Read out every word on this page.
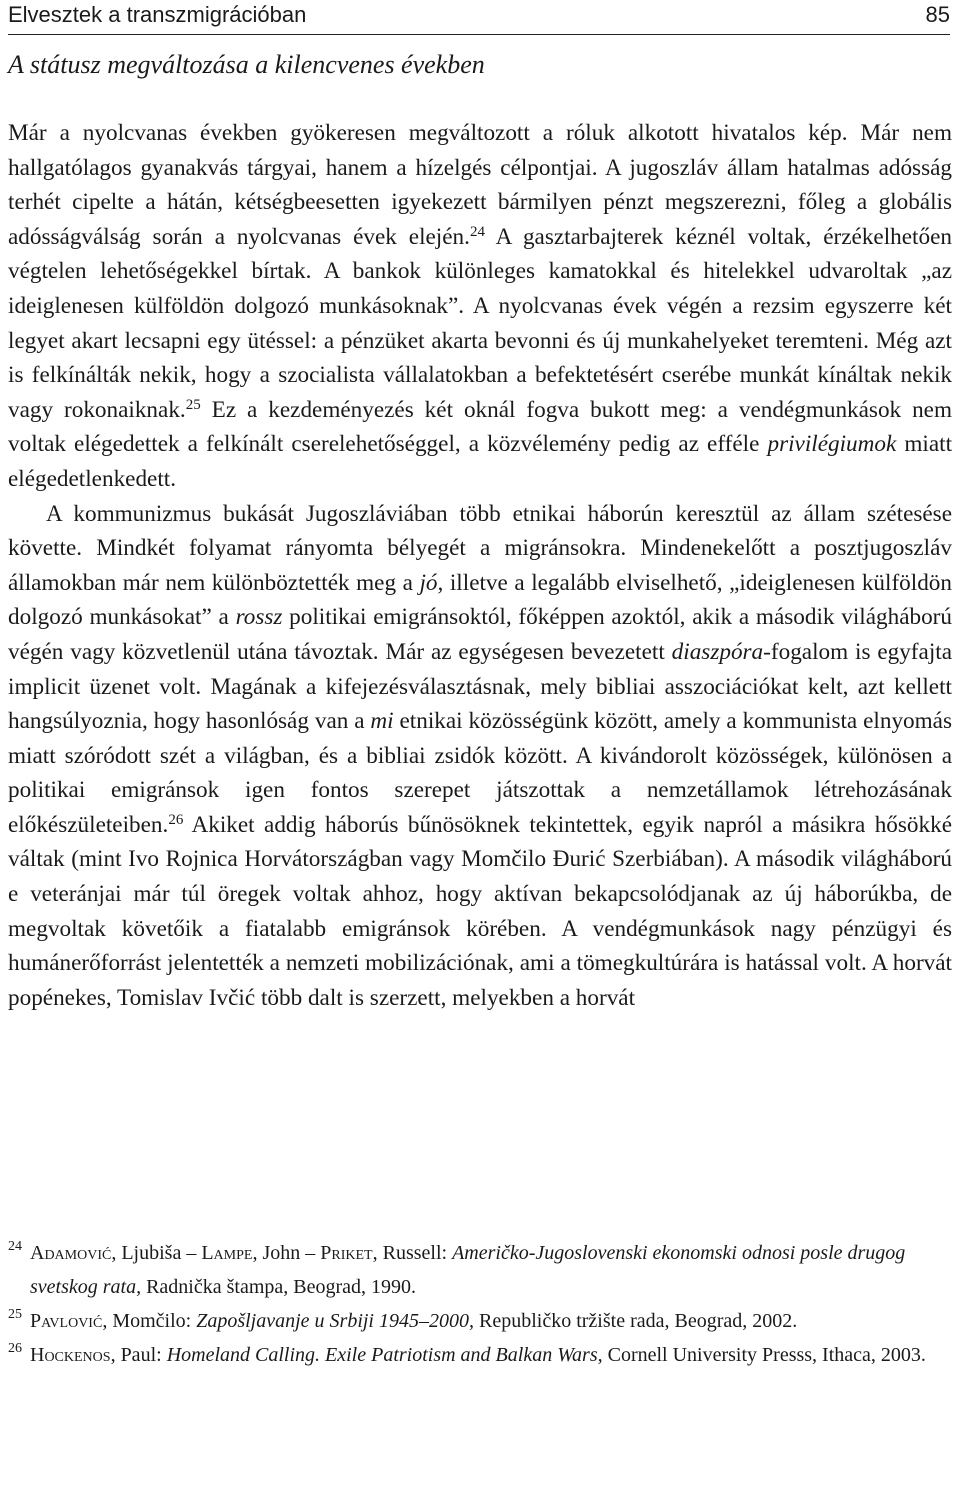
Elvesztek a transzmigrációban	85
A státusz megváltozása a kilencvenes években

Már a nyolcvanas években gyökeresen megváltozott a róluk alkotott hivatalos kép. Már nem hallgatólagos gyanakvás tárgyai, hanem a hízelgés célpontjai. A jugoszláv állam hatalmas adósság terhét cipelte a hátán, kétségbeesetten igyekezett bármilyen pénzt megszerezni, főleg a globális adósságválság során a nyolcvanas évek elején.$^{24}$ A gasztarbajterek kéznél voltak, érzékelhetően végtelen lehetőségekkel bírtak. A bankok különleges kamatokkal és hitelekkel udvaroltak „az ideiglenesen külföldön dolgozó munkásoknak”. A nyolcvanas évek végén a rezsim egyszerre két legyet akart lecsapni egy ütéssel: a pénzüket akarta bevonni és új munkahelyeket teremteni. Még azt is felkínálták nekik, hogy a szocialista vállalatokban a befektetésért cserébe munkát kínáltak nekik vagy rokonaiknak.$^{25}$ Ez a kezdeményezés két oknál fogva bukott meg: a vendégmunkások nem voltak elégedettek a felkínált cserelehetőséggel, a közvélemény pedig az efféle privilégiumok miatt elégedetlenkedett.

A kommunizmus bukását Jugoszláviában több etnikai háborún keresztül az állam szétesése követte. Mindkét folyamat rányomta bélyegét a migránsokra. Mindenekelőtt a posztjugoszláv államokban már nem különböztették meg a jó, illetve a legalább elviselhető, „ideiglenesen külföldön dolgozó munkásokat” a rossz politikai emigránsoktól, főképpen azoktól, akik a második világháború végén vagy közvetlenül utána távoztak. Már az egységesen bevezetett diaszpóra-fogalom is egyfajta implicit üzenet volt. Magának a kifejezésválasztásnak, mely bibliai asszociációkat kelt, azt kellett hangsúlyoznia, hogy hasonlóság van a mi etnikai közösségünk között, amely a kommunista elnyomás miatt szóródott szét a világban, és a bibliai zsidók között. A kivándorolt közösségek, különösen a politikai emigránsok igen fontos szerepet játszottak a nemzetállamok létrehozásának előkészületeiben.$^{26}$ Akiket addig háborús bűnösöknek tekintettek, egyik napról a másikra hősökké váltak (mint Ivo Rojnica Horvátországban vagy Momčilo Đurić Szerbiában). A második világháború e veteránjai már túl öregek voltak ahhoz, hogy aktívan bekapcsolódjanak az új háborúkba, de megvoltak követőik a fiatalabb emigránsok körében. A vendégmunkások nagy pénzügyi és humánerőforrást jelentették a nemzeti mobilizációnak, ami a tömegkultúrára is hatással volt. A horvát popénekes, Tomislav Ivčić több dalt is szerzett, melyekben a horvát

24 Adamović, Ljubiša – Lampe, John – Priket, Russell: Američko-Jugoslovenski ekonomski odnosi posle drugog svetskog rata, Radnička štampa, Beograd, 1990.

25 Pavlović, Momčilo: Zapošljavanje u Srbiji 1945–2000, Republičko tržište rada, Beograd, 2002.

26 Hockenos, Paul: Homeland Calling. Exile Patriotism and Balkan Wars, Cornell University Presss, Ithaca, 2003.
